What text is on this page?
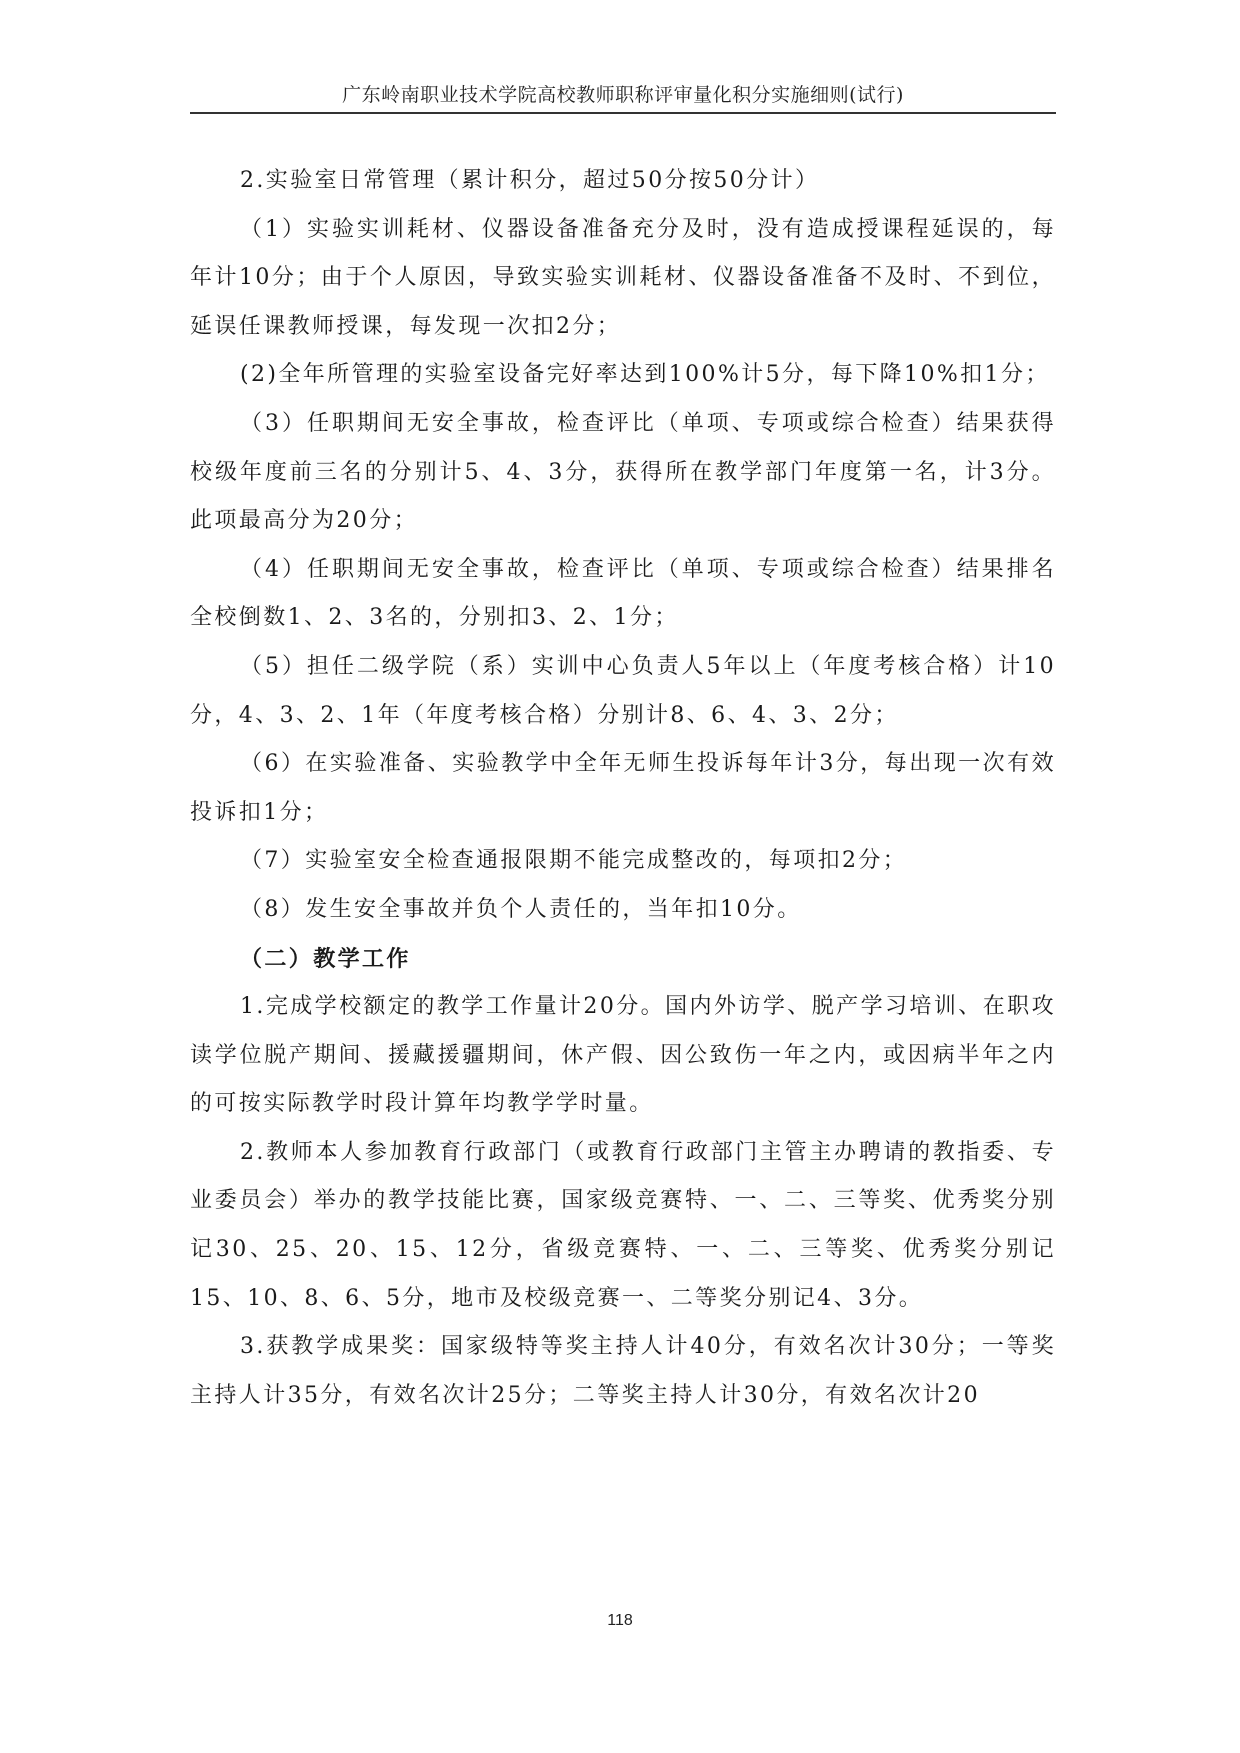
广东岭南职业技术学院高校教师职称评审量化积分实施细则(试行)

2.实验室日常管理（累计积分，超过50分按50分计）

（1）实验实训耗材、仪器设备准备充分及时，没有造成授课程延误的，每年计10分；由于个人原因，导致实验实训耗材、仪器设备准备不及时、不到位，延误任课教师授课，每发现一次扣2分；

(2)全年所管理的实验室设备完好率达到100%计5分，每下降10%扣1分；

（3）任职期间无安全事故，检查评比（单项、专项或综合检查）结果获得校级年度前三名的分别计5、4、3分，获得所在教学部门年度第一名，计3分。此项最高分为20分；

（4）任职期间无安全事故，检查评比（单项、专项或综合检查）结果排名全校倒数1、2、3名的，分别扣3、2、1分；

（5）担任二级学院（系）实训中心负责人5年以上（年度考核合格）计10分，4、3、2、1年（年度考核合格）分别计8、6、4、3、2分；

（6）在实验准备、实验教学中全年无师生投诉每年计3分，每出现一次有效投诉扣1分；

（7）实验室安全检查通报限期不能完成整改的，每项扣2分；

（8）发生安全事故并负个人责任的，当年扣10分。

（二）教学工作

1.完成学校额定的教学工作量计20分。国内外访学、脱产学习培训、在职攻读学位脱产期间、援藏援疆期间，休产假、因公致伤一年之内，或因病半年之内的可按实际教学时段计算年均教学学时量。

2.教师本人参加教育行政部门（或教育行政部门主管主办聘请的教指委、专业委员会）举办的教学技能比赛，国家级竞赛特、一、二、三等奖、优秀奖分别记30、25、20、15、12分，省级竞赛特、一、二、三等奖、优秀奖分别记15、10、8、6、5分，地市及校级竞赛一、二等奖分别记4、3分。

3.获教学成果奖：国家级特等奖主持人计40分，有效名次计30分；一等奖主持人计35分，有效名次计25分；二等奖主持人计30分，有效名次计20

118
